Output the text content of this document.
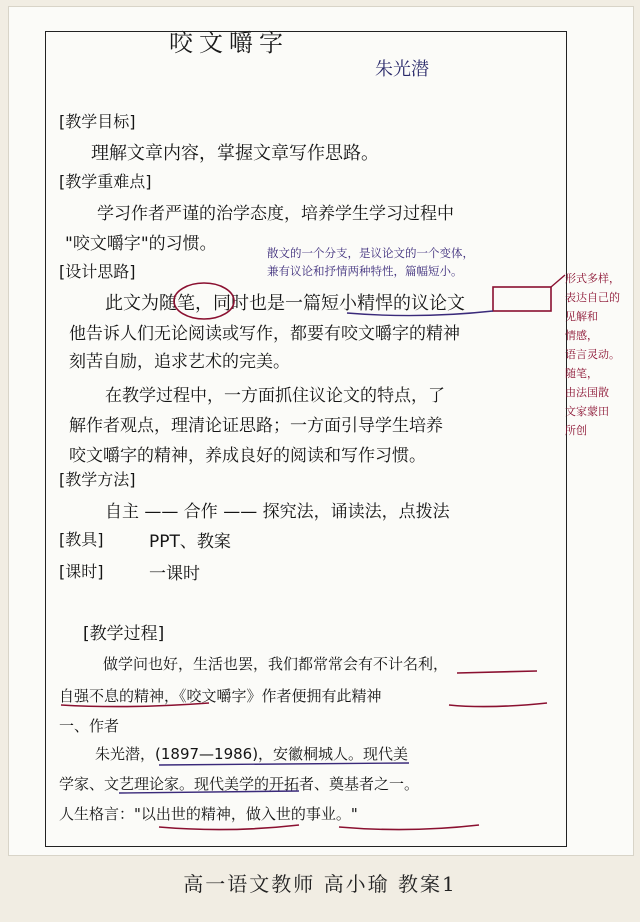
咬文嚼字
朱光潜
[教学目标]
理解文章内容，掌握文章写作思路。
[教学重难点]
学习作者严谨的治学态度，培养学生学习过程中
"咬文嚼字"的习惯。	散文的一个分支，是议论文的一个变体，
兼有议论和抒情两种特性，篇幅短小。
[设计思路]
此文为随笔，同时也是一篇短小精悍的议论文
他告诉人们无论阅读或写作，都要有咬文嚼字的精神
刻苦自励，追求艺术的完美。
在教学过程中，一方面抓住议论文的特点，了
解作者观点，理清论证思路；一方面引导学生培养
咬文嚼字的精神，养成良好的阅读和写作习惯。
[教学方法]
自主 —— 合作 —— 探究法，诵读法，点拨法
[教具]	PPT、教案
[课时]	一课时
[教学过程]
做学问也好，生活也罢，我们都常常会有不计名利，
自强不息的精神，《咬文嚼字》作者便拥有此精神
一、作者
朱光潜，(1897—1986)，安徽桐城人。现代美
学家、文艺理论家。现代美学的开拓者、奠基者之一。
人生格言："以出世的精神，做入世的事业。"
形式多样，
表达自己的
见解和
情感，
语言灵动。
随笔，
由法国散
文家蒙田
所创
高一语文教师 高小瑜 教案1
